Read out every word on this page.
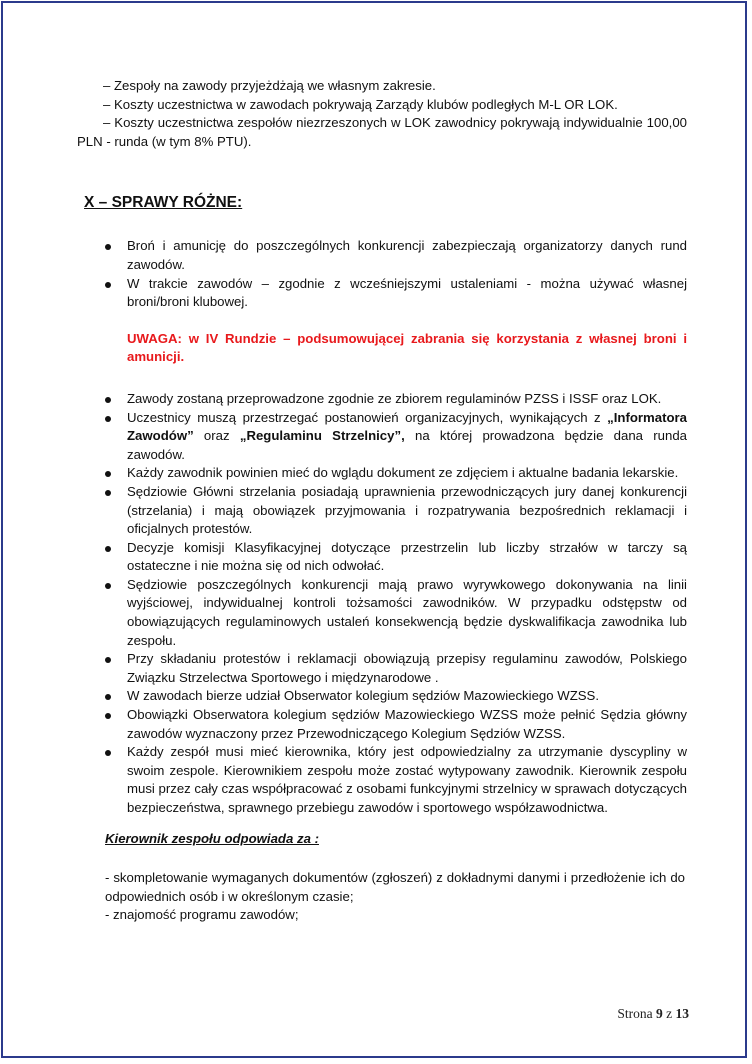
– Zespoły na zawody przyjeżdżają we własnym zakresie.
– Koszty uczestnictwa w zawodach pokrywają Zarządy klubów podległych M-L OR LOK.
– Koszty uczestnictwa zespołów niezrzeszonych w LOK zawodnicy pokrywają indywidualnie 100,00 PLN - runda (w tym 8% PTU).
X – SPRAWY RÓŻNE:
Broń i amunicję do poszczególnych konkurencji zabezpieczają organizatorzy danych rund zawodów.
W trakcie zawodów – zgodnie z wcześniejszymi ustaleniami - można używać własnej broni/broni klubowej.
UWAGA: w IV Rundzie – podsumowującej zabrania się korzystania z własnej broni i amunicji.
Zawody zostaną przeprowadzone zgodnie ze zbiorem regulaminów PZSS i ISSF oraz LOK.
Uczestnicy muszą przestrzegać postanowień organizacyjnych, wynikających z „Informatora Zawodów” oraz „Regulaminu Strzelnicy”, na której prowadzona będzie dana runda zawodów.
Każdy zawodnik powinien mieć do wglądu dokument ze zdjęciem i aktualne badania lekarskie.
Sędziowie Główni strzelania posiadają uprawnienia przewodniczących jury danej konkurencji (strzelania) i mają obowiązek przyjmowania i rozpatrywania bezpośrednich reklamacji i oficjalnych protestów.
Decyzje komisji Klasyfikacyjnej dotyczące przestrzelin lub liczby strzałów w tarczy są ostateczne i nie można się od nich odwołać.
Sędziowie poszczególnych konkurencji mają prawo wyrywkowego dokonywania na linii wyjściowej, indywidualnej kontroli tożsamości zawodników. W przypadku odstępstw od obowiązujących regulaminowych ustaleń konsekwencją będzie dyskwalifikacja zawodnika lub zespołu.
Przy składaniu protestów i reklamacji obowiązują przepisy regulaminu zawodów, Polskiego Związku Strzelectwa Sportowego i międzynarodowe .
W zawodach bierze udział Obserwator kolegium sędziów Mazowieckiego WZSS.
Obowiązki Obserwatora kolegium sędziów Mazowieckiego WZSS może pełnić Sędzia główny zawodów wyznaczony przez Przewodniczącego Kolegium Sędziów WZSS.
Każdy zespół musi mieć kierownika, który jest odpowiedzialny za utrzymanie dyscypliny w swoim zespole. Kierownikiem zespołu może zostać wytypowany zawodnik. Kierownik zespołu musi przez cały czas współpracować z osobami funkcyjnymi strzelnicy w sprawach dotyczących bezpieczeństwa, sprawnego przebiegu zawodów i sportowego współzawodnictwa.
Kierownik zespołu odpowiada za :
- skompletowanie wymaganych dokumentów (zgłoszeń) z dokładnymi danymi i przedłożenie ich do odpowiednich osób i w określonym czasie;
- znajomość programu zawodów;
Strona 9 z 13
